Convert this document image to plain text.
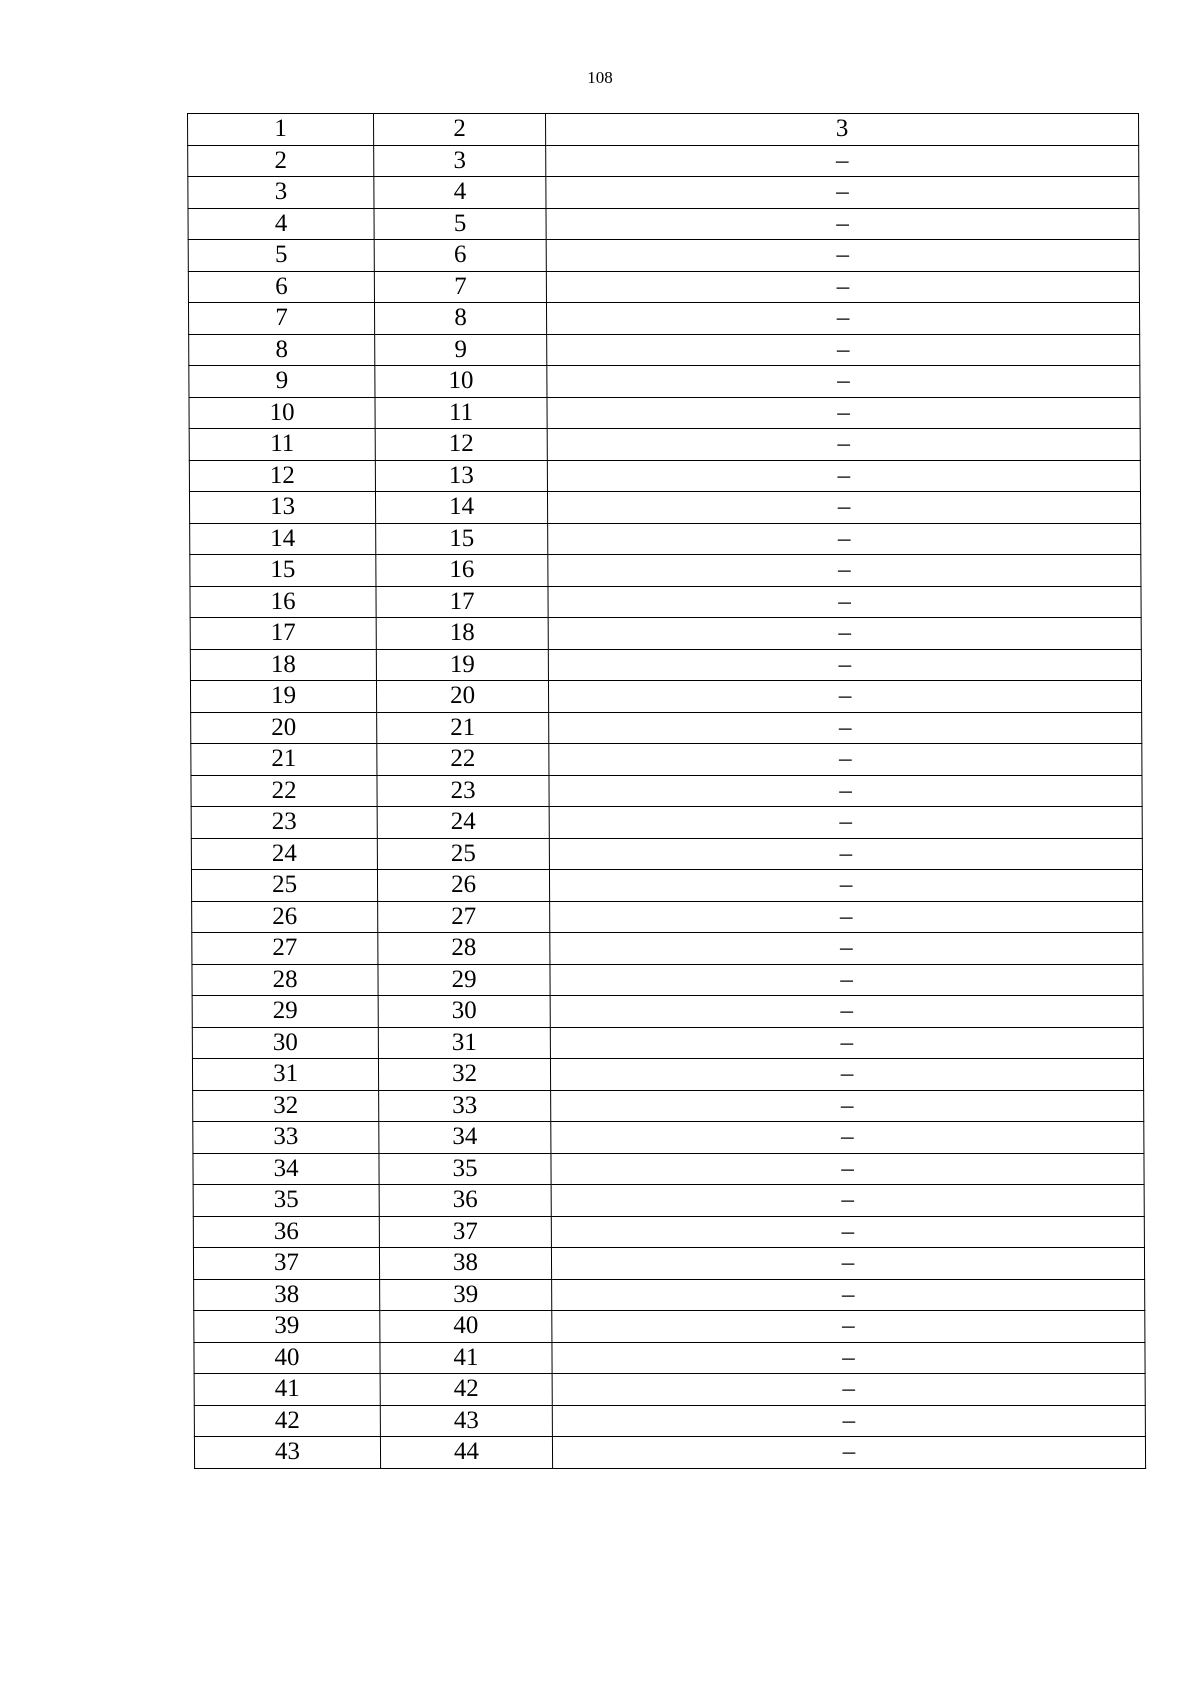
108
1	2	3
2	3	–
3	4	–
4	5	–
5	6	–
6	7	–
7	8	–
8	9	–
9	10	–
10	11	–
11	12	–
12	13	–
13	14	–
14	15	–
15	16	–
16	17	–
17	18	–
18	19	–
19	20	–
20	21	–
21	22	–
22	23	–
23	24	–
24	25	–
25	26	–
26	27	–
27	28	–
28	29	–
29	30	–
30	31	–
31	32	–
32	33	–
33	34	–
34	35	–
35	36	–
36	37	–
37	38	–
38	39	–
39	40	–
40	41	–
41	42	–
42	43	–
43	44	–
